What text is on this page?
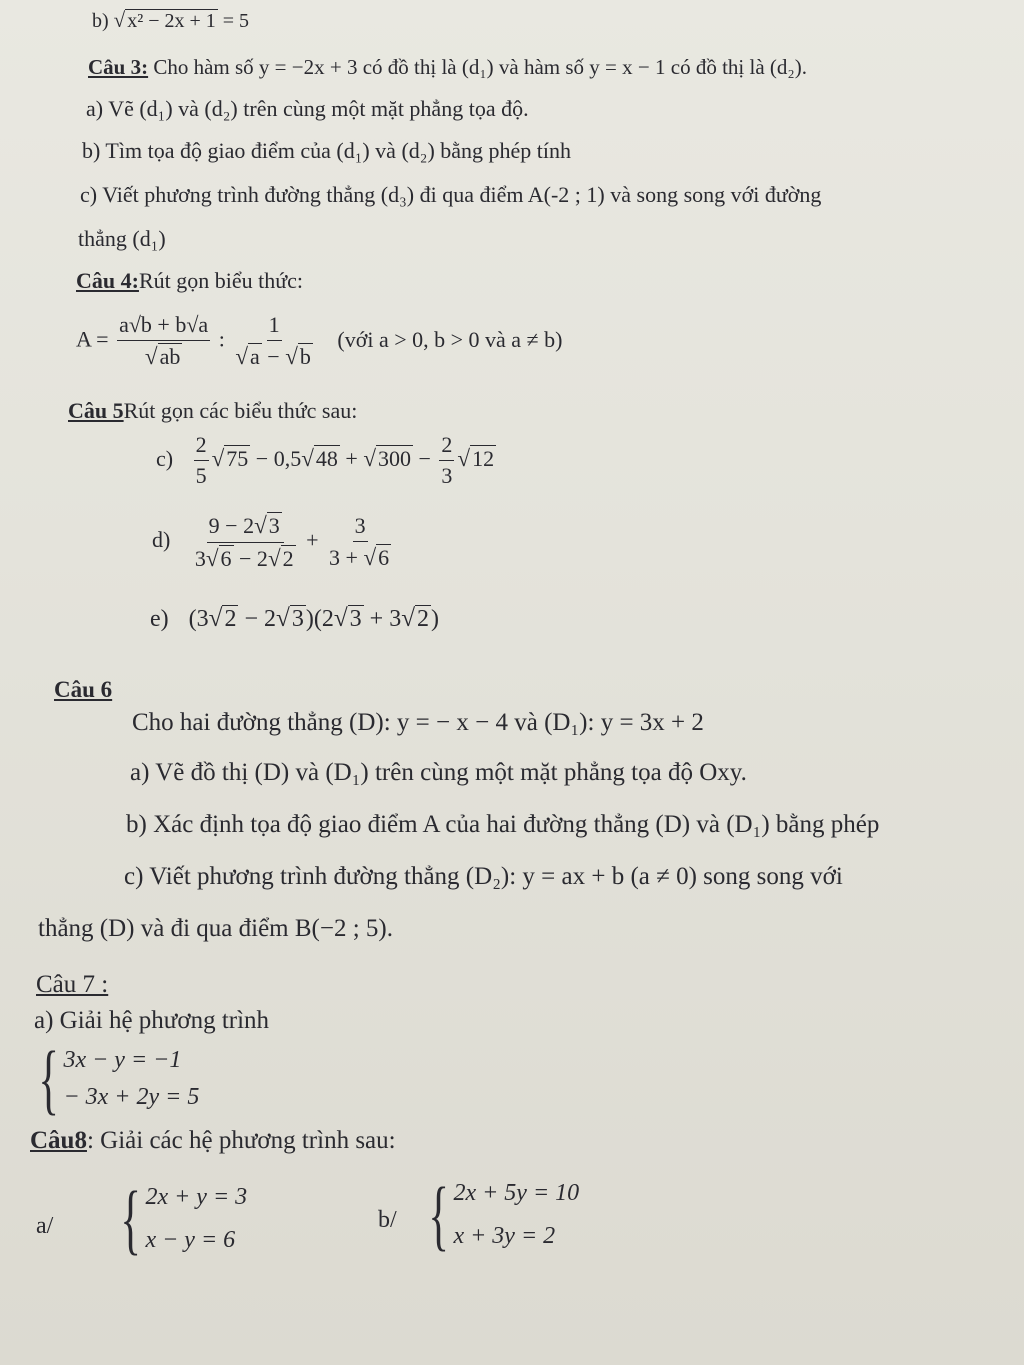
b) √ x² − 2x + 1 = 5
Câu 3: Cho hàm số y = −2x + 3 có đồ thị là (d₁) và hàm số y = x − 1 có đồ thị là (d₂).
a) Vẽ (d₁) và (d₂) trên cùng một mặt phẳng tọa độ.
b) Tìm tọa độ giao điểm của (d₁) và (d₂) bằng phép tính
c) Viết phương trình đường thẳng (d₃) đi qua điểm A(-2 ; 1) và song song với đường
thẳng (d₁)
Câu 4:Rút gọn biểu thức:
$A = \frac{a√b + b√a}{√ab}$ : $\frac{1}{√a - √b}$ (với a > 0, b > 0 và a ≠ b)
Câu 5Rút gọn các biểu thức sau:
$c) \frac{2}{5} √75 - 0,5√48 + √300 - \frac{2}{3} √12$
$d) \frac{9 - 2√3}{3√6 - 2√2} + \frac{3}{3 + √6}$
e) (3√2 − 2√3)(2√3 + 3√2)
Câu 6
Cho hai đường thẳng (D): y = − x − 4 và (D₁): y = 3x + 2
a) Vẽ đồ thị (D) và (D₁) trên cùng một mặt phẳng tọa độ Oxy.
b) Xác định tọa độ giao điểm A của hai đường thẳng (D) và (D₁) bằng phép
c) Viết phương trình đường thẳng (D₂): y = ax + b (a ≠ 0) song song với
thẳng (D) và đi qua điểm B(−2 ; 5).
Câu 7 :
a) Giải hệ phương trình
{ 3x − y = −1
− 3x + 2y = 5
Câu8: Giải các hệ phương trình sau:
a/ { 2x + y = 3
x − y = 6
b/ { 2x + 5y = 10
x + 3y = 2
